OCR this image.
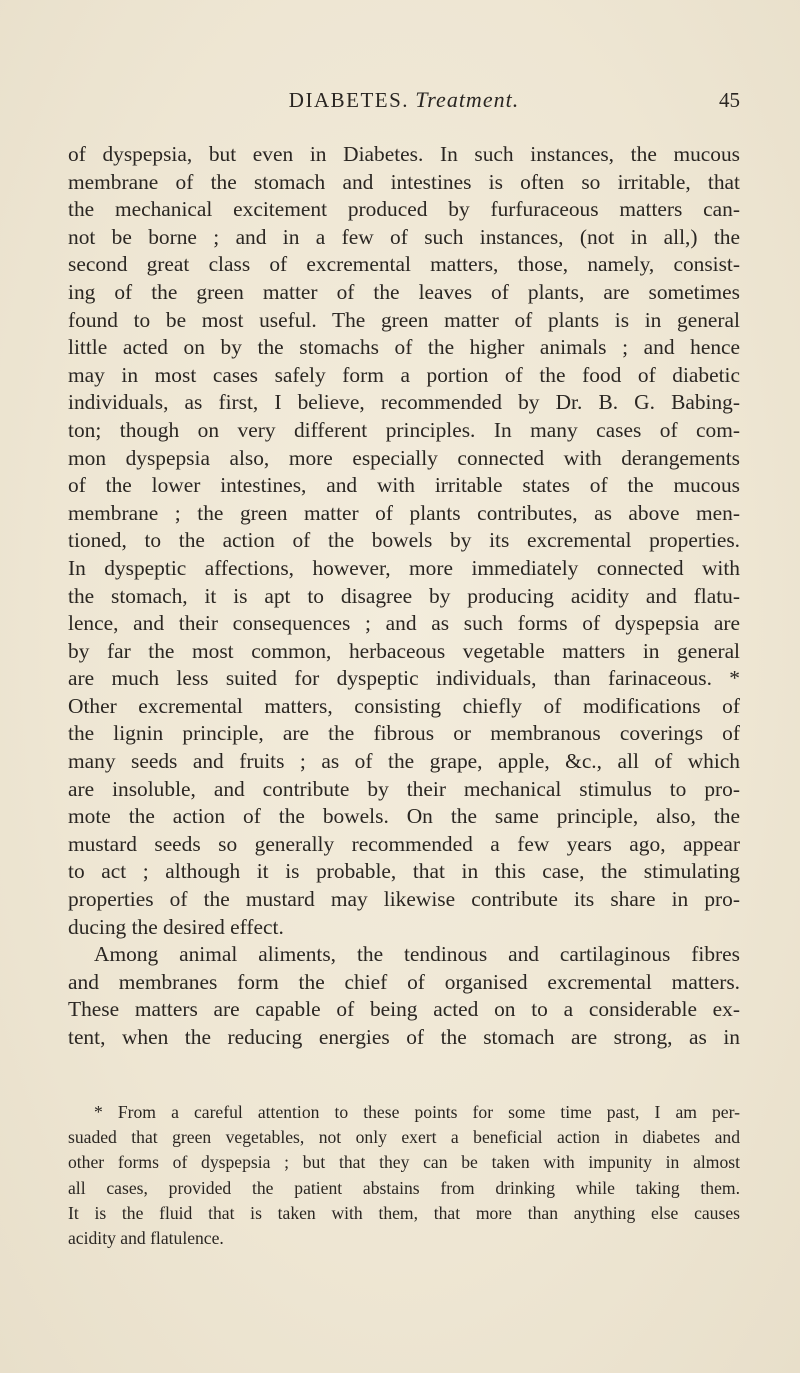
DIABETES. Treatment.	45
of dyspepsia, but even in Diabetes. In such instances, the mucous
membrane of the stomach and intestines is often so irritable, that
the mechanical excitement produced by furfuraceous matters can-
not be borne ; and in a few of such instances, (not in all,) the
second great class of excremental matters, those, namely, consist-
ing of the green matter of the leaves of plants, are sometimes
found to be most useful. The green matter of plants is in general
little acted on by the stomachs of the higher animals ; and hence
may in most cases safely form a portion of the food of diabetic
individuals, as first, I believe, recommended by Dr. B. G. Babing-
ton; though on very different principles. In many cases of com-
mon dyspepsia also, more especially connected with derangements
of the lower intestines, and with irritable states of the mucous
membrane ; the green matter of plants contributes, as above men-
tioned, to the action of the bowels by its excremental properties.
In dyspeptic affections, however, more immediately connected with
the stomach, it is apt to disagree by producing acidity and flatu-
lence, and their consequences ; and as such forms of dyspepsia are
by far the most common, herbaceous vegetable matters in general
are much less suited for dyspeptic individuals, than farinaceous. *
Other excremental matters, consisting chiefly of modifications of
the lignin principle, are the fibrous or membranous coverings of
many seeds and fruits ; as of the grape, apple, &c., all of which
are insoluble, and contribute by their mechanical stimulus to pro-
mote the action of the bowels. On the same principle, also, the
mustard seeds so generally recommended a few years ago, appear
to act ; although it is probable, that in this case, the stimulating
properties of the mustard may likewise contribute its share in pro-
ducing the desired effect.
Among animal aliments, the tendinous and cartilaginous fibres
and membranes form the chief of organised excremental matters.
These matters are capable of being acted on to a considerable ex-
tent, when the reducing energies of the stomach are strong, as in
* From a careful attention to these points for some time past, I am per-
suaded that green vegetables, not only exert a beneficial action in diabetes and
other forms of dyspepsia ; but that they can be taken with impunity in almost
all cases, provided the patient abstains from drinking while taking them.
It is the fluid that is taken with them, that more than anything else causes
acidity and flatulence.
